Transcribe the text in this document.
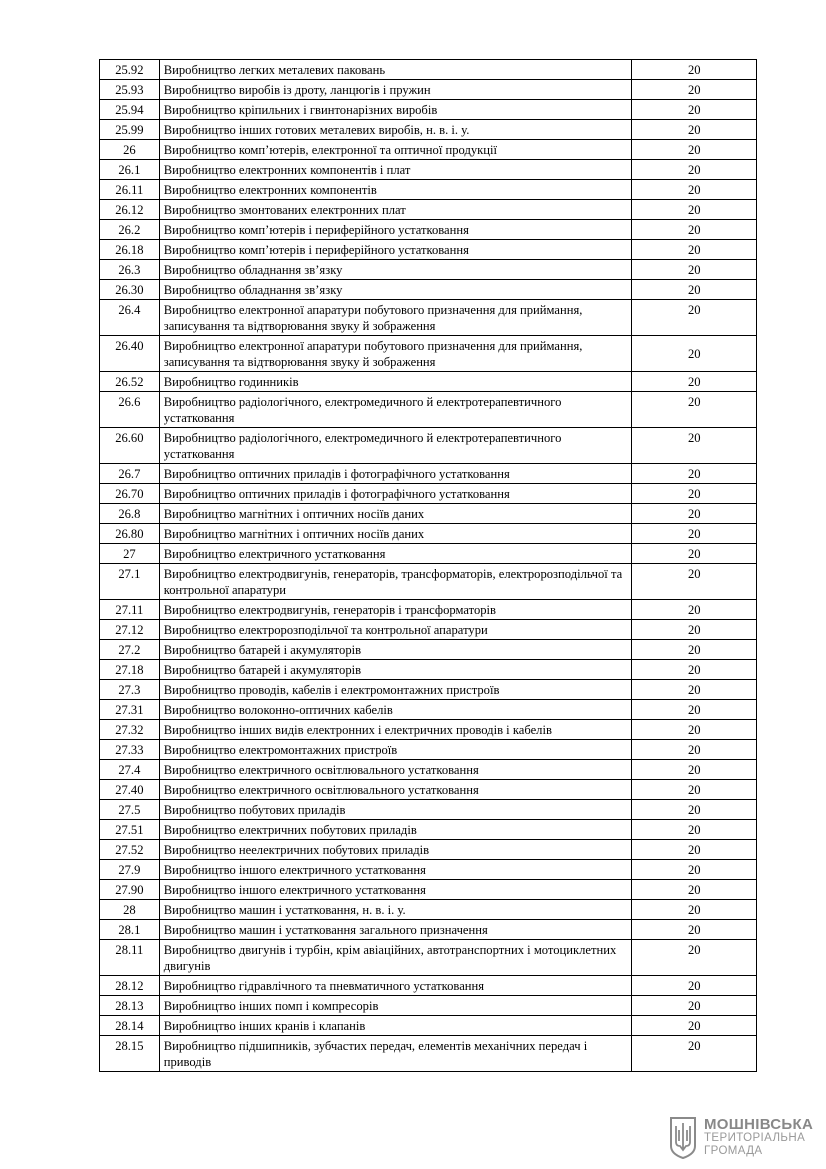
25.92	Виробництво легких металевих паковань	20
25.93	Виробництво виробів із дроту, ланцюгів і пружин	20
25.94	Виробництво кріпильних і гвинтонарізних виробів	20
25.99	Виробництво інших готових металевих виробів, н. в. і. у.	20
26	Виробництво комп’ютерів, електронної та оптичної продукції	20
26.1	Виробництво електронних компонентів і плат	20
26.11	Виробництво електронних компонентів	20
26.12	Виробництво змонтованих електронних плат	20
26.2	Виробництво комп’ютерів і периферійного устатковання	20
26.18	Виробництво комп’ютерів і периферійного устатковання	20
26.3	Виробництво обладнання зв’язку	20
26.30	Виробництво обладнання зв’язку	20
26.4	Виробництво електронної апаратури побутового призначення для приймання, записування та відтворювання звуку й зображення	20
26.40	Виробництво електронної апаратури побутового призначення для приймання, записування та відтворювання звуку й зображення	20
26.52	Виробництво годинників	20
26.6	Виробництво радіологічного, електромедичного й електротерапевтичного устатковання	20
26.60	Виробництво радіологічного, електромедичного й електротерапевтичного устатковання	20
26.7	Виробництво оптичних приладів і фотографічного устатковання	20
26.70	Виробництво оптичних приладів і фотографічного устатковання	20
26.8	Виробництво магнітних і оптичних носіїв даних	20
26.80	Виробництво магнітних і оптичних носіїв даних	20
27	Виробництво електричного устатковання	20
27.1	Виробництво електродвигунів, генераторів, трансформаторів, електророзподільчої та контрольної апаратури	20
27.11	Виробництво електродвигунів, генераторів і трансформаторів	20
27.12	Виробництво електророзподільчої та контрольної апаратури	20
27.2	Виробництво батарей і акумуляторів	20
27.18	Виробництво батарей і акумуляторів	20
27.3	Виробництво проводів, кабелів і електромонтажних пристроїв	20
27.31	Виробництво волоконно-оптичних кабелів	20
27.32	Виробництво інших видів електронних і електричних проводів і кабелів	20
27.33	Виробництво електромонтажних пристроїв	20
27.4	Виробництво електричного освітлювального устатковання	20
27.40	Виробництво електричного освітлювального устатковання	20
27.5	Виробництво побутових приладів	20
27.51	Виробництво електричних побутових приладів	20
27.52	Виробництво неелектричних побутових приладів	20
27.9	Виробництво іншого електричного устатковання	20
27.90	Виробництво іншого електричного устатковання	20
28	Виробництво машин і устатковання, н. в. і. у.	20
28.1	Виробництво машин і устатковання загального призначення	20
28.11	Виробництво двигунів і турбін, крім авіаційних, автотранспортних і мотоциклетних двигунів	20
28.12	Виробництво гідравлічного та пневматичного устатковання	20
28.13	Виробництво інших помп і компресорів	20
28.14	Виробництво інших кранів і клапанів	20
28.15	Виробництво підшипників, зубчастих передач, елементів механічних передач і приводів	20
МОШНІВСЬКА
ТЕРИТОРІАЛЬНА
ГРОМАДА
